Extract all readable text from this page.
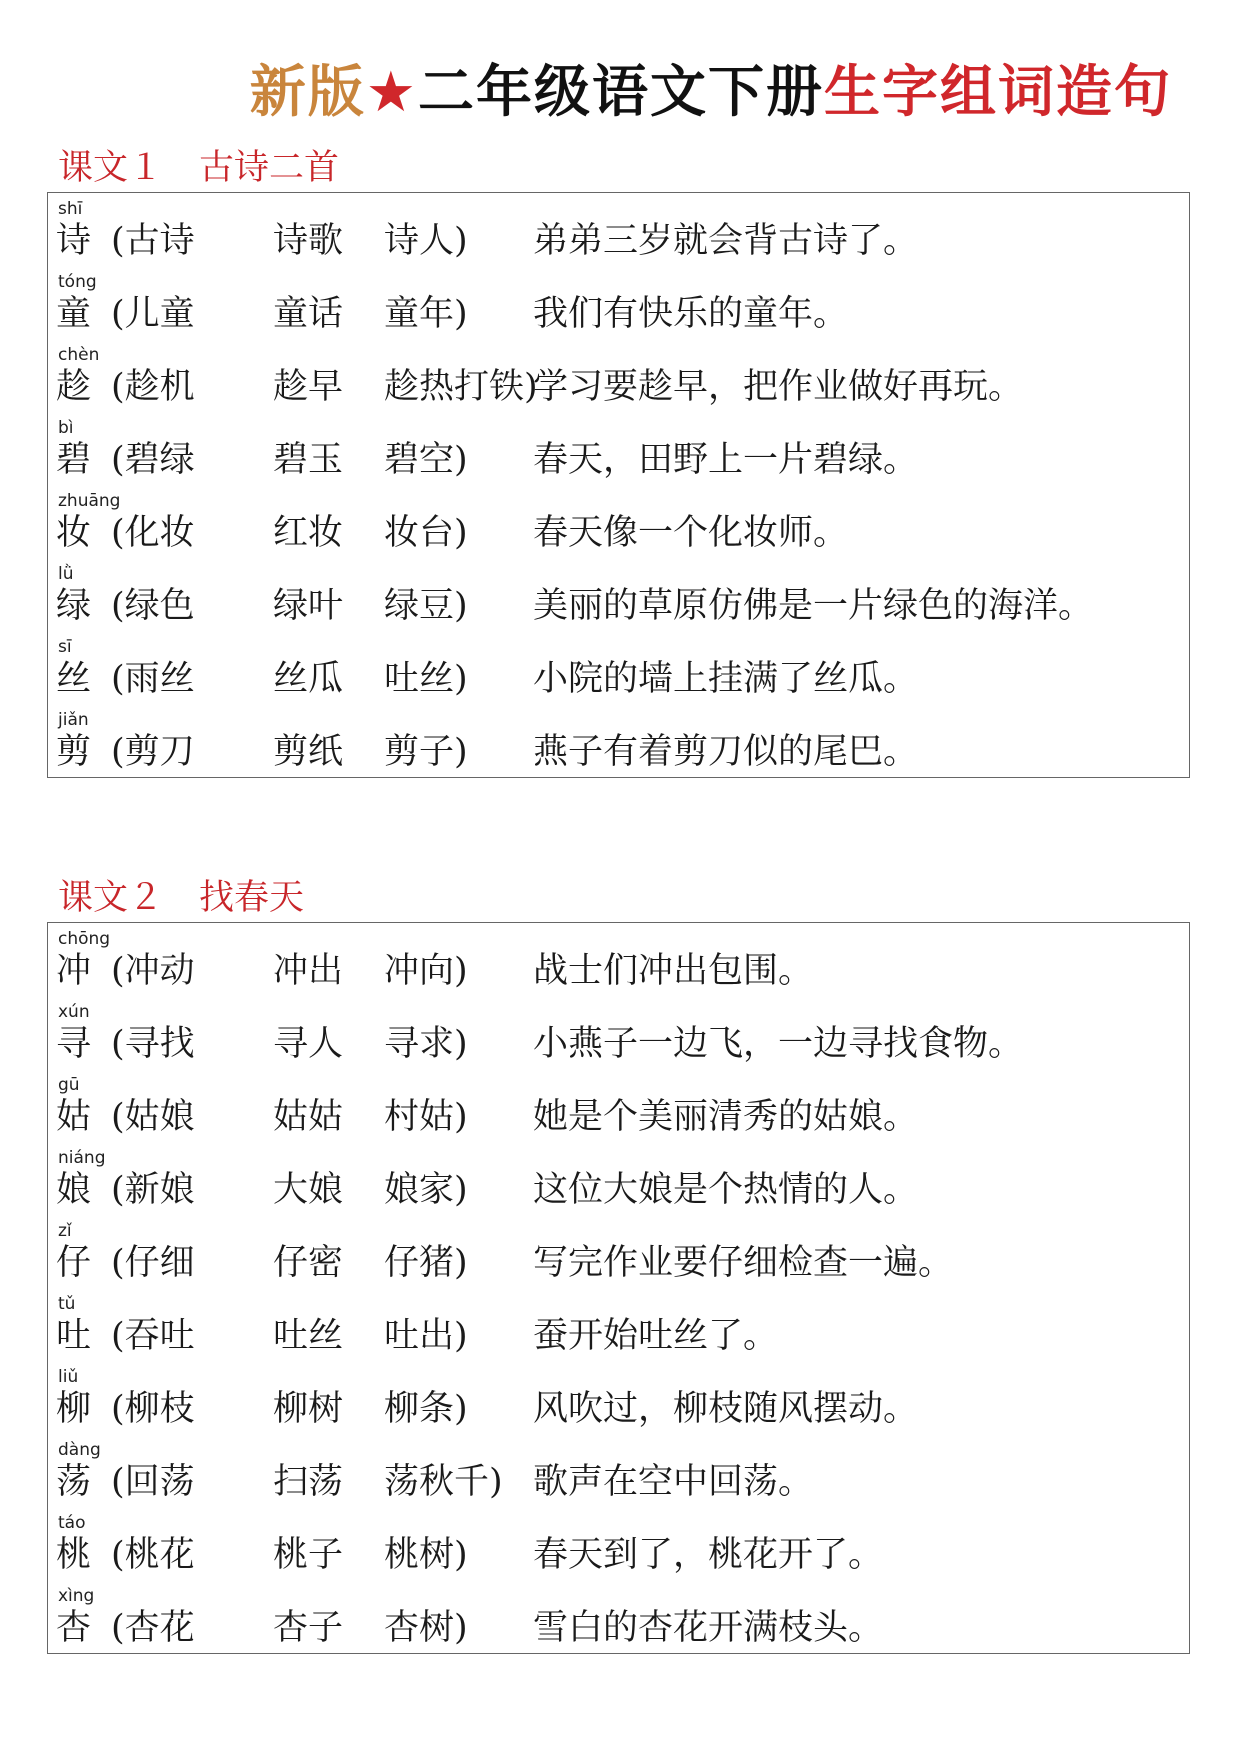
新版★二年级语文下册生字组词造句
课文１ 古诗二首
shī
诗 (古诗 诗歌 诗人) 弟弟三岁就会背古诗了。
tóng
童 (儿童 童话 童年) 我们有快乐的童年。
chèn
趁 (趁机 趁早 趁热打铁)
学习要趁早，把作业做好再玩。
bì
碧 (碧绿 碧玉 碧空) 春天，田野上一片碧绿。
zhuāng
妆 (化妆 红妆 妆台) 春天像一个化妆师。
lǜ
绿 (绿色 绿叶 绿豆) 美丽的草原仿佛是一片绿色的海洋。
sī
丝 (雨丝 丝瓜 吐丝) 小院的墙上挂满了丝瓜。
jiǎn
剪 (剪刀 剪纸 剪子) 燕子有着剪刀似的尾巴。
课文２ 找春天
chōng
冲 (冲动 冲出 冲向) 战士们冲出包围。
xún
寻 (寻找 寻人 寻求) 小燕子一边飞，一边寻找食物。
gū
姑 (姑娘 姑姑 村姑) 她是个美丽清秀的姑娘。
niáng
娘 (新娘 大娘 娘家) 这位大娘是个热情的人。
zǐ
仔 (仔细 仔密 仔猪) 写完作业要仔细检查一遍。
tǔ
吐 (吞吐 吐丝 吐出) 蚕开始吐丝了。
liǔ
柳 (柳枝 柳树 柳条) 风吹过，柳枝随风摆动。
dàng
荡 (回荡 扫荡 荡秋千) 歌声在空中回荡。
táo
桃 (桃花 桃子 桃树) 春天到了，桃花开了。
xìng
杏 (杏花 杏子 杏树) 雪白的杏花开满枝头。
